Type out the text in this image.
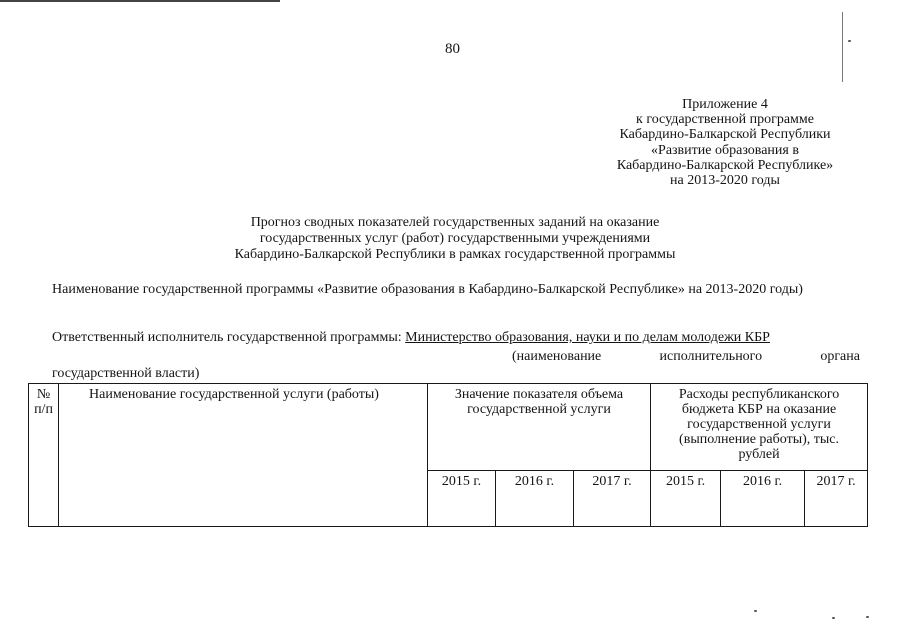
80
Приложение 4
к государственной программе
Кабардино-Балкарской Республики
«Развитие образования в
Кабардино-Балкарской Республике»
на 2013-2020 годы
Прогноз сводных показателей государственных заданий на оказание
государственных услуг (работ) государственными учреждениями
Кабардино-Балкарской Республики в рамках государственной программы
Наименование государственной программы «Развитие образования в Кабардино-Балкарской Республике» на 2013-2020 годы)
Ответственный исполнитель государственной программы: Министерство образования, науки и по делам молодежи КБР
(наименование	исполнительного	органа
государственной власти)
№ п/п	Наименование государственной услуги (работы)	Значение показателя объема государственной услуги			Расходы республиканского бюджета КБР на оказание государственной услуги (выполнение работы), тыс. рублей		
		2015 г.	2016 г.	2017 г.	2015 г.	2016 г.	2017 г.
